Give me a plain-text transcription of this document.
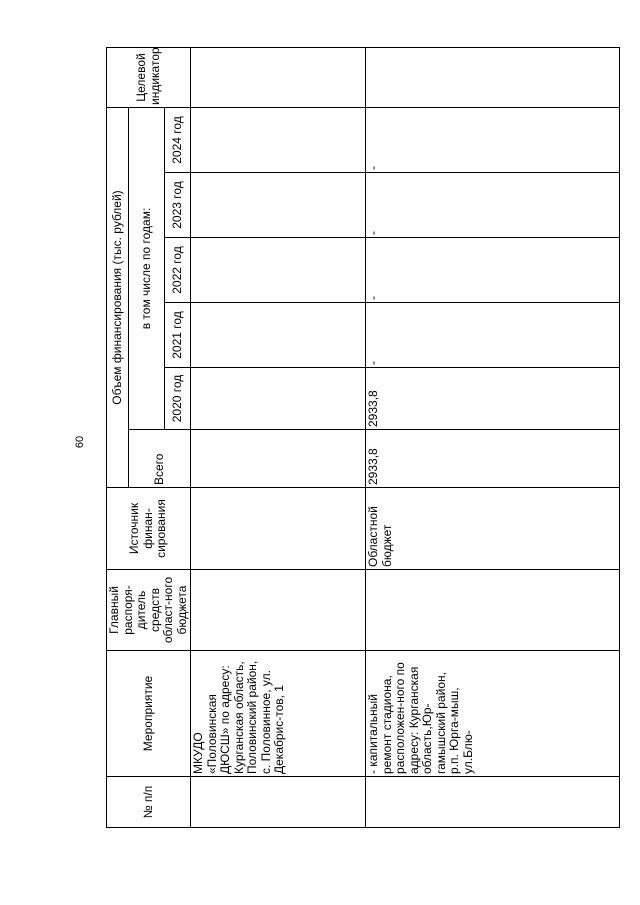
60
№ п/п	Мероприятие	Главный распоря-дитель средств област-ного бюджета	Источник финан-сирования	Объем финансирования (тыс. рублей)						Целевой индикатор
				Всего	в том числе по годам:					
					2020 год	2021 год	2022 год	2023 год	2024 год	
	МКУДО «Половинская ДЮСШ» по адресу: Курганская область, Половинский район, с. Половинное, ул. Декабрис-тов, 1									
	- капитальный ремонт стадиона, расположен-ного по адресу: Курганская область,Юр-гамышский район, р.п. Юрга-мыш, ул.Блю-		Областной бюджет	2933,8	2933,8	-	-	-	-	
